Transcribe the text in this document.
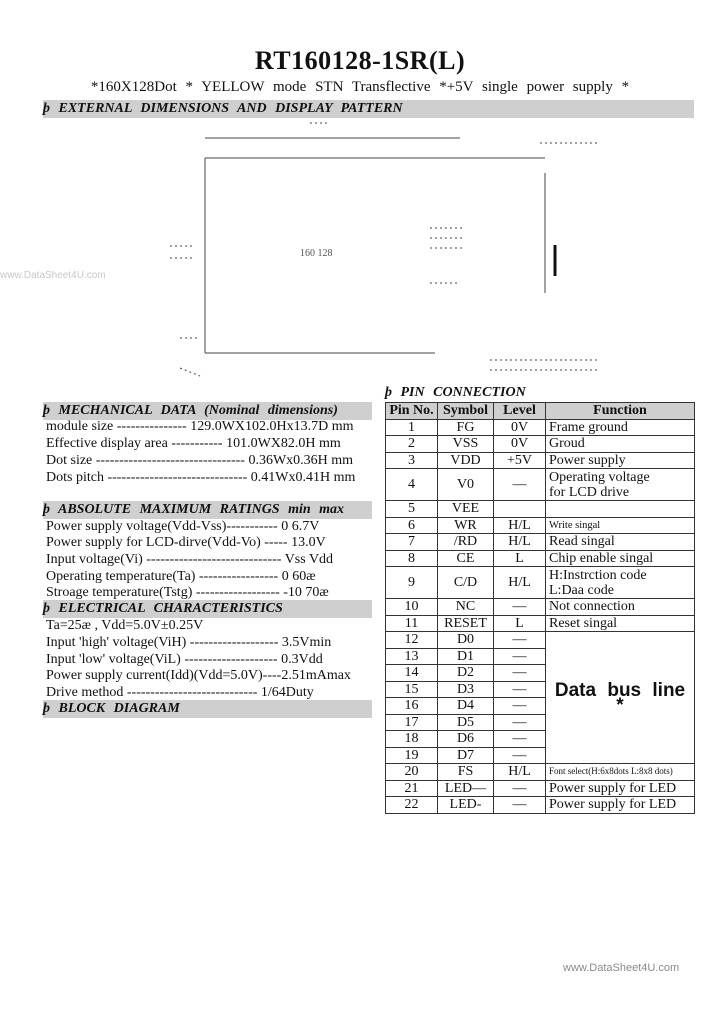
RT160128-1SR(L)
*160X128Dot * YELLOW mode STN Transflective *+5V single power supply *
þ EXTERNAL DIMENSIONS AND DISPLAY PATTERN
www.DataSheet4U.com
160 128
þ PIN CONNECTION
þ MECHANICAL DATA (Nominal dimensions)
module size --------------- 129.0WX102.0Hx13.7D mm
Effective display area ----------- 101.0WX82.0H mm
Dot size -------------------------------- 0.36Wx0.36H mm
Dots pitch ------------------------------ 0.41Wx0.41H mm
þ ABSOLUTE MAXIMUM RATINGS min max
Power supply voltage(Vdd-Vss)----------- 0 6.7V
Power supply for LCD-dirve(Vdd-Vo) ----- 13.0V
Input voltage(Vi) ----------------------------- Vss Vdd
Operating temperature(Ta) ----------------- 0 60æ
Stroage temperature(Tstg) ------------------ -10 70æ
þ ELECTRICAL CHARACTERISTICS
Ta=25æ , Vdd=5.0V±0.25V
Input 'high' voltage(ViH) ------------------- 3.5Vmin
Input 'low' voltage(ViL) -------------------- 0.3Vdd
Power supply current(Idd)(Vdd=5.0V)----2.51mAmax
Drive method ---------------------------- 1/64Duty
þ BLOCK DIAGRAM
Pin No.	Symbol	Level	Function
1	FG	0V	Frame ground
2	VSS	0V	Groud
3	VDD	+5V	Power supply
4	V0	—	Operating voltage
for LCD drive

5	VEE		
6	WR	H/L	Write singal
7	/RD	H/L	Read singal
8	CE	L	Chip enable singal
9	C/D	H/L	H:Instrction code
L:Daa code

10	NC	—	Not connection
11	RESET	L	Reset singal
12	D0	—	Data bus line *
13	D1	—	
14	D2	—	
15	D3	—	
16	D4	—	
17	D5	—	
18	D6	—	
19	D7	—	
20	FS	H/L	Font select(H:6x8dots L:8x8 dots)
21	LED—	—	Power supply for LED
22	LED-	—	Power supply for LED
www.DataSheet4U.com
